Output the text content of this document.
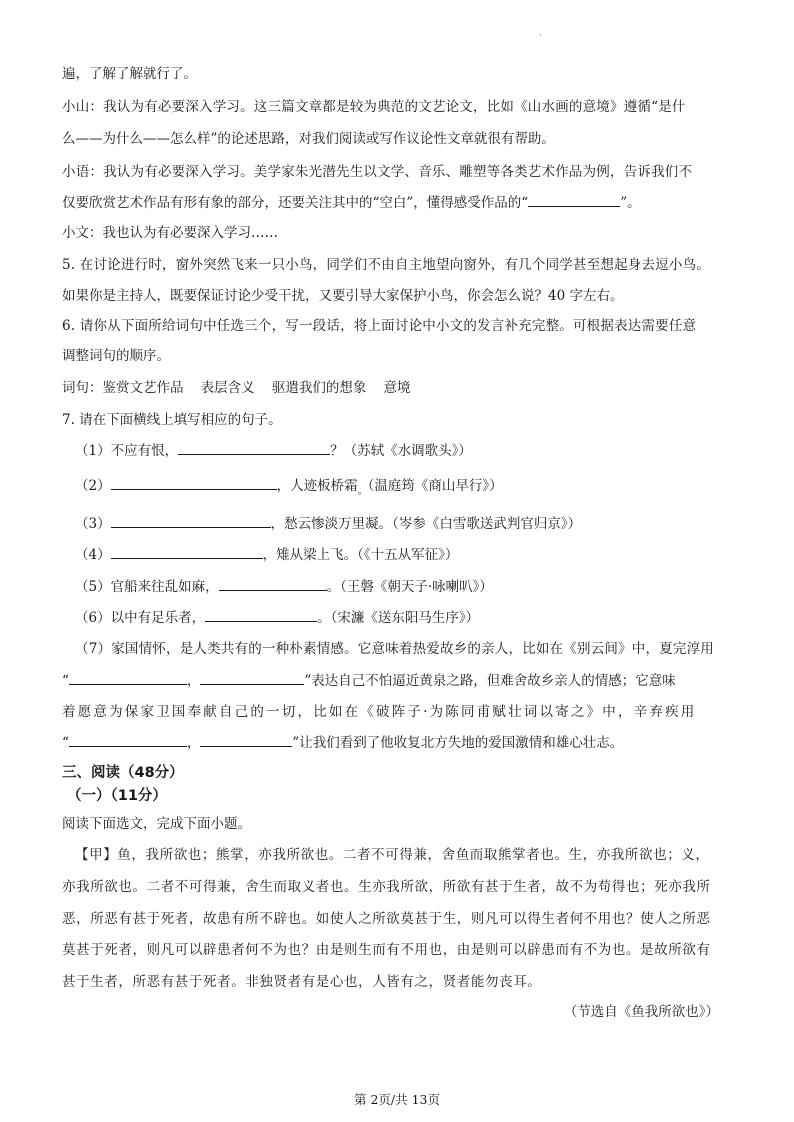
·
遍，了解了解就行了。
小山：我认为有必要深入学习。这三篇文章都是较为典范的文艺论文，比如《山水画的意境》遵循“是什
么——为什么——怎么样”的论述思路，对我们阅读或写作议论性文章就很有帮助。
小语：我认为有必要深入学习。美学家朱光潜先生以文学、音乐、雕塑等各类艺术作品为例，告诉我们不
仅要欣赏艺术作品有形有象的部分，还要关注其中的“空白”，懂得感受作品的“	”。
小文：我也认为有必要深入学习……
5. 在讨论进行时，窗外突然飞来一只小鸟，同学们不由自主地望向窗外，有几个同学甚至想起身去逗小鸟。
如果你是主持人，既要保证讨论少受干扰，又要引导大家保护小鸟，你会怎么说？40 字左右。
6. 请你从下面所给词句中任选三个，写一段话，将上面讨论中小文的发言补充完整。可根据表达需要任意
调整词句的顺序。
词句：鉴赏文艺作品    表层含义    驱遣我们的想象    意境
7. 请在下面横线上填写相应的句子。
（1）不应有恨，	？（苏轼《水调歌头》）
（2）	，人迹板桥霜$_。$（温庭筠《商山早行》）
（3）	，愁云惨淡万里凝。（岑参《白雪歌送武判官归京》）
（4）	，雉从梁上飞。（《十五从军征》）
（5）官船来往乱如麻，	。（王磐《朝天子·咏喇叭》）
（6）以中有足乐者，	。（宋濂《送东阳马生序》）
（7）家国情怀，是人类共有的一种朴素情感。它意味着热爱故乡的亲人，比如在《别云间》中，夏完淳用
“	，	”表达自己不怕逼近黄泉之路，但难舍故乡亲人的情感；它意味
着愿意为保家卫国奉献自己的一切，比如在《破阵子·为陈同甫赋壮词以寄之》中，辛弃疾用
“	，	”让我们看到了他收复北方失地的爱国激情和雄心壮志。
三、阅读（48分）
（一）（11分）
阅读下面选文，完成下面小题。
【甲】鱼，我所欲也；熊掌，亦我所欲也。二者不可得兼，舍鱼而取熊掌者也。生，亦我所欲也；义，
亦我所欲也。二者不可得兼，舍生而取义者也。生亦我所欲，所欲有甚于生者，故不为苟得也；死亦我所
恶，所恶有甚于死者，故患有所不辟也。如使人之所欲莫甚于生，则凡可以得生者何不用也？使人之所恶
莫甚于死者，则凡可以辟患者何不为也？由是则生而有不用也，由是则可以辟患而有不为也。是故所欲有
甚于生者，所恶有甚于死者。非独贤者有是心也，人皆有之，贤者能勿丧耳。
（节选自《鱼我所欲也》）
第 2页/共 13页
